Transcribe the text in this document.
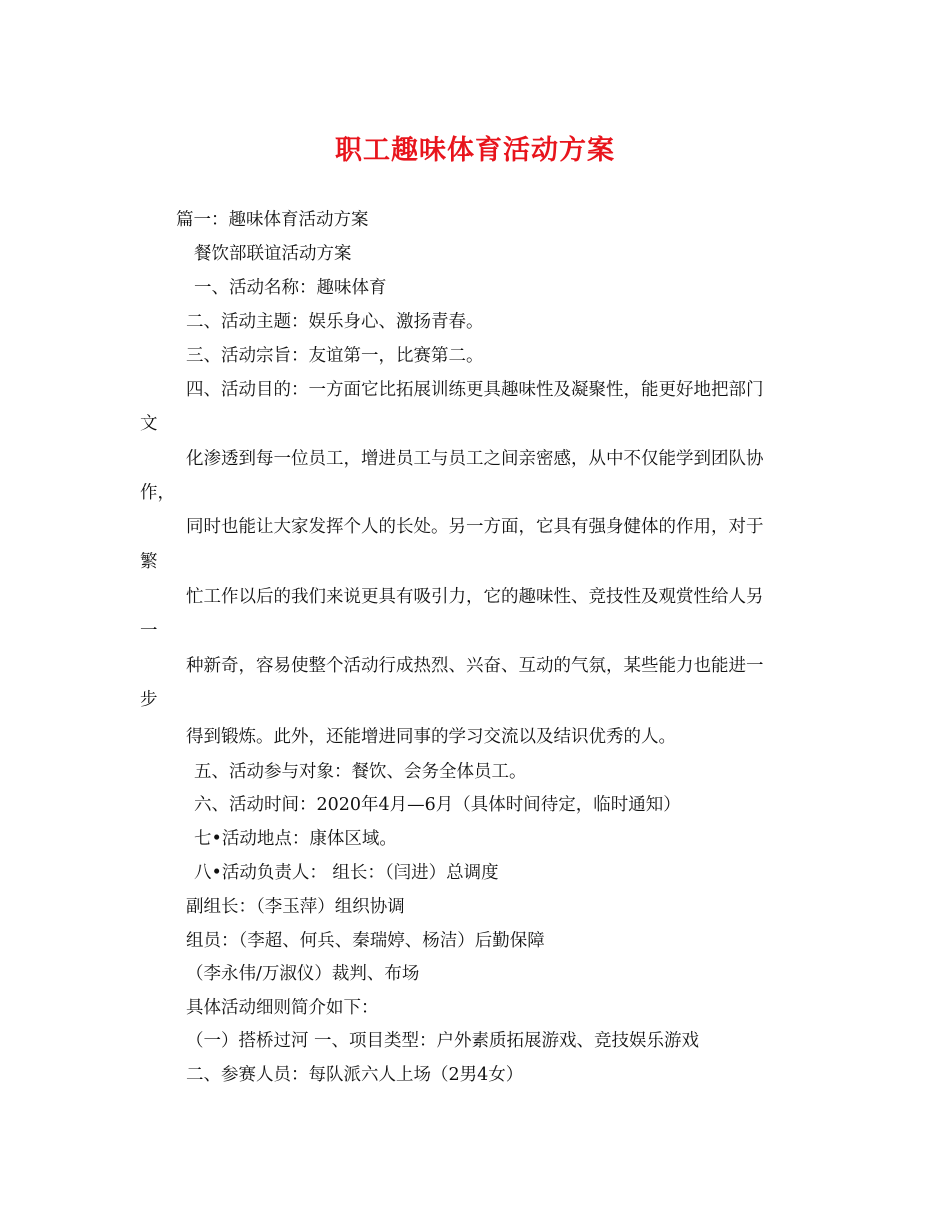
职工趣味体育活动方案
篇一：趣味体育活动方案
餐饮部联谊活动方案
一、活动名称：趣味体育
二、活动主题：娱乐身心、激扬青春。
三、活动宗旨：友谊第一，比赛第二。
四、活动目的：一方面它比拓展训练更具趣味性及凝聚性，能更好地把部门
文
化渗透到每一位员工，增进员工与员工之间亲密感，从中不仅能学到团队协
作，
同时也能让大家发挥个人的长处。另一方面，它具有强身健体的作用，对于
繁
忙工作以后的我们来说更具有吸引力，它的趣味性、竞技性及观赏性给人另
一
种新奇，容易使整个活动行成热烈、兴奋、互动的气氛，某些能力也能进一
步
得到锻炼。此外，还能增进同事的学习交流以及结识优秀的人。
五、活动参与对象：餐饮、会务全体员工。
六、活动时间：2020年4月—6月（具体时间待定，临时通知）
七•活动地点：康体区域。
八•活动负责人： 组长：（闫进）总调度
副组长：（李玉萍）组织协调
组员：（李超、何兵、秦瑞婷、杨洁）后勤保障
（李永伟/万淑仪）裁判、布场
具体活动细则简介如下：
（一）搭桥过河 一、项目类型：户外素质拓展游戏、竞技娱乐游戏
二、参赛人员：每队派六人上场（2男4女）
